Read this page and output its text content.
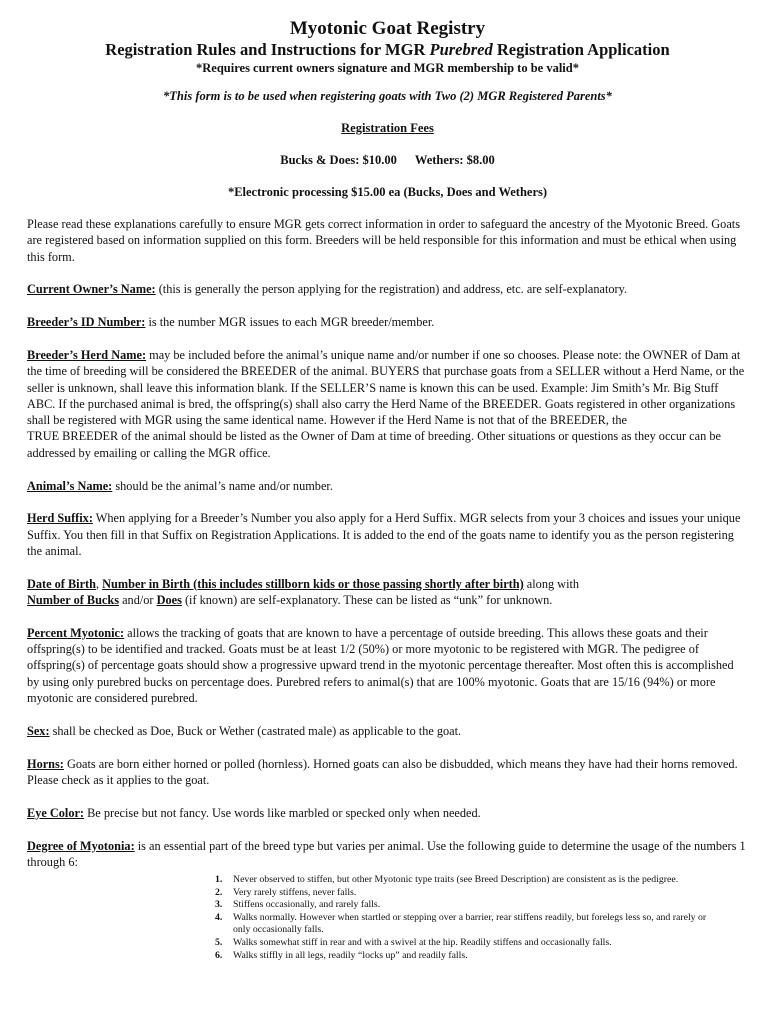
Myotonic Goat Registry
Registration Rules and Instructions for MGR Purebred Registration Application
*Requires current owners signature and MGR membership to be valid*
*This form is to be used when registering goats with Two (2) MGR Registered Parents*
Registration Fees
Bucks & Does: $10.00 Wethers: $8.00
*Electronic processing $15.00 ea (Bucks, Does and Wethers)

Please read these explanations carefully to ensure MGR gets correct information in order to safeguard the ancestry of the Myotonic Breed. Goats are registered based on information supplied on this form. Breeders will be held responsible for this information and must be ethical when using this form.

Current Owner’s Name: (this is generally the person applying for the registration) and address, etc. are self-explanatory.

Breeder’s ID Number: is the number MGR issues to each MGR breeder/member.

Breeder’s Herd Name: may be included before the animal’s unique name and/or number if one so chooses. Please note: the OWNER of Dam at the time of breeding will be considered the BREEDER of the animal. BUYERS that purchase goats from a SELLER without a Herd Name, or the seller is unknown, shall leave this information blank. If the SELLER’S name is known this can be used. Example: Jim Smith’s Mr. Big Stuff ABC. If the purchased animal is bred, the offspring(s) shall also carry the Herd Name of the BREEDER. Goats registered in other organizations shall be registered with MGR using the same identical name. However if the Herd Name is not that of the BREEDER, the
TRUE BREEDER of the animal should be listed as the Owner of Dam at time of breeding. Other situations or questions as they occur can be addressed by emailing or calling the MGR office.

Animal’s Name: should be the animal’s name and/or number.

Herd Suffix: When applying for a Breeder’s Number you also apply for a Herd Suffix. MGR selects from your 3 choices and issues your unique Suffix. You then fill in that Suffix on Registration Applications. It is added to the end of the goats name to identify you as the person registering the animal.

Date of Birth, Number in Birth (this includes stillborn kids or those passing shortly after birth) along with
Number of Bucks and/or Does (if known) are self-explanatory. These can be listed as “unk” for unknown.

Percent Myotonic: allows the tracking of goats that are known to have a percentage of outside breeding. This allows these goats and their offspring(s) to be identified and tracked. Goats must be at least 1/2 (50%) or more myotonic to be registered with MGR. The pedigree of offspring(s) of percentage goats should show a progressive upward trend in the myotonic percentage thereafter. Most often this is accomplished by using only purebred bucks on percentage does. Purebred refers to animal(s) that are 100% myotonic. Goats that are 15/16 (94%) or more myotonic are considered purebred.

Sex: shall be checked as Doe, Buck or Wether (castrated male) as applicable to the goat.

Horns: Goats are born either horned or polled (hornless). Horned goats can also be disbudded, which means they have had their horns removed. Please check as it applies to the goat.

Eye Color: Be precise but not fancy. Use words like marbled or specked only when needed.

Degree of Myotonia: is an essential part of the breed type but varies per animal. Use the following guide to determine the usage of the numbers 1 through 6:

1.	Never observed to stiffen, but other Myotonic type traits (see Breed Description) are consistent as is the pedigree.
2.	Very rarely stiffens, never falls.
3.	Stiffens occasionally, and rarely falls.
4.	Walks normally. However when startled or stepping over a barrier, rear stiffens readily, but forelegs less so, and rarely or only occasionally falls.
5.	Walks somewhat stiff in rear and with a swivel at the hip. Readily stiffens and occasionally falls.
6.	Walks stiffly in all legs, readily “locks up” and readily falls.
